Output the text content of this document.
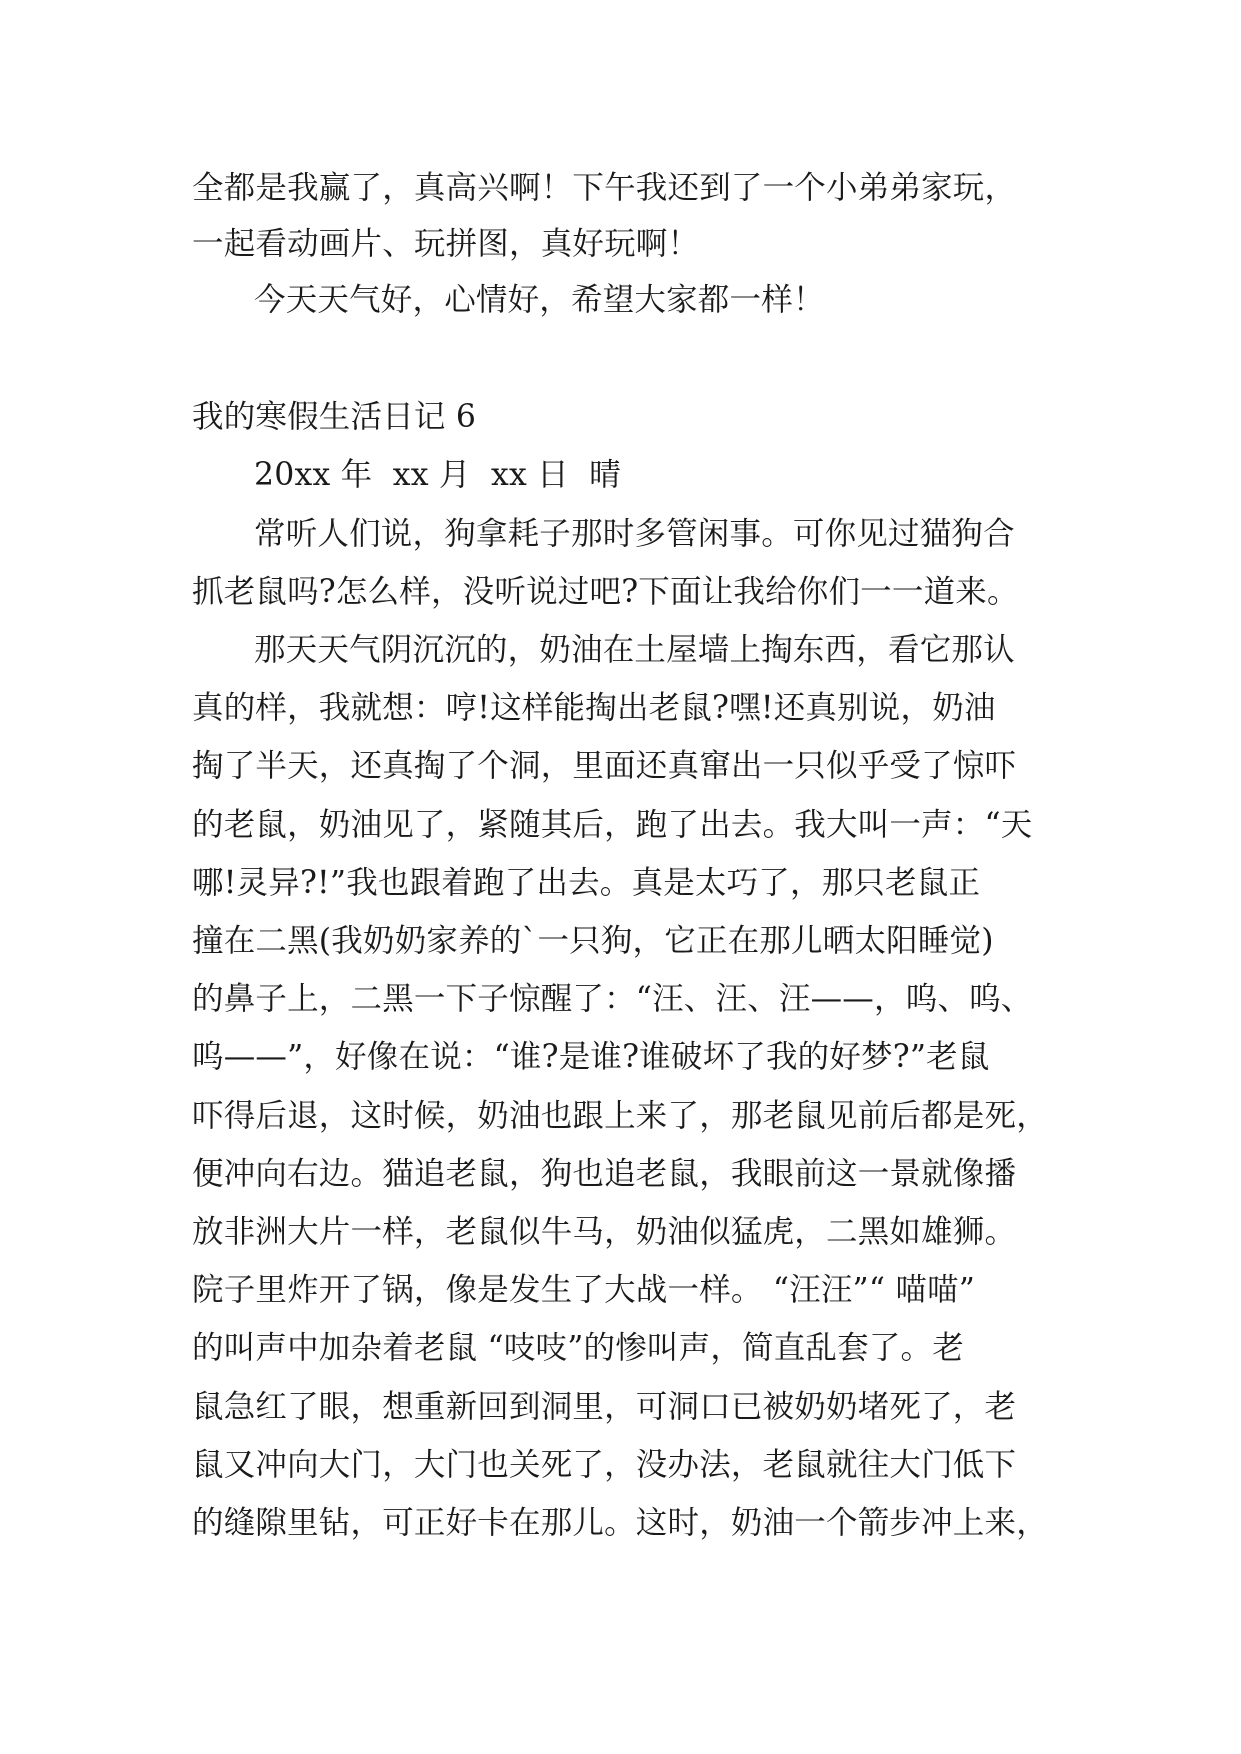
全都是我赢了，真高兴啊！下午我还到了一个小弟弟家玩，
一起看动画片、玩拼图，真好玩啊！
今天天气好，心情好，希望大家都一样！
我的寒假生活日记 6
20xx 年  xx 月  xx 日  晴
常听人们说，狗拿耗子那时多管闲事。可你见过猫狗合
抓老鼠吗?怎么样，没听说过吧?下面让我给你们一一道来。
那天天气阴沉沉的，奶油在土屋墙上掏东西，看它那认
真的样，我就想：哼!这样能掏出老鼠?嘿!还真别说，奶油
掏了半天，还真掏了个洞，里面还真窜出一只似乎受了惊吓
的老鼠，奶油见了，紧随其后，跑了出去。我大叫一声：“天
哪!灵异?!”我也跟着跑了出去。真是太巧了，那只老鼠正
撞在二黑(我奶奶家养的`一只狗，它正在那儿晒太阳睡觉)
的鼻子上，二黑一下子惊醒了：“汪、汪、汪——，呜、呜、
呜——”，好像在说：“谁?是谁?谁破坏了我的好梦?”老鼠
吓得后退，这时候，奶油也跟上来了，那老鼠见前后都是死，
便冲向右边。猫追老鼠，狗也追老鼠，我眼前这一景就像播
放非洲大片一样，老鼠似牛马，奶油似猛虎，二黑如雄狮。
院子里炸开了锅，像是发生了大战一样。 “汪汪”“ 喵喵”
的叫声中加杂着老鼠 “吱吱”的惨叫声，简直乱套了。老
鼠急红了眼，想重新回到洞里，可洞口已被奶奶堵死了，老
鼠又冲向大门，大门也关死了，没办法，老鼠就往大门低下
的缝隙里钻，可正好卡在那儿。这时，奶油一个箭步冲上来，
